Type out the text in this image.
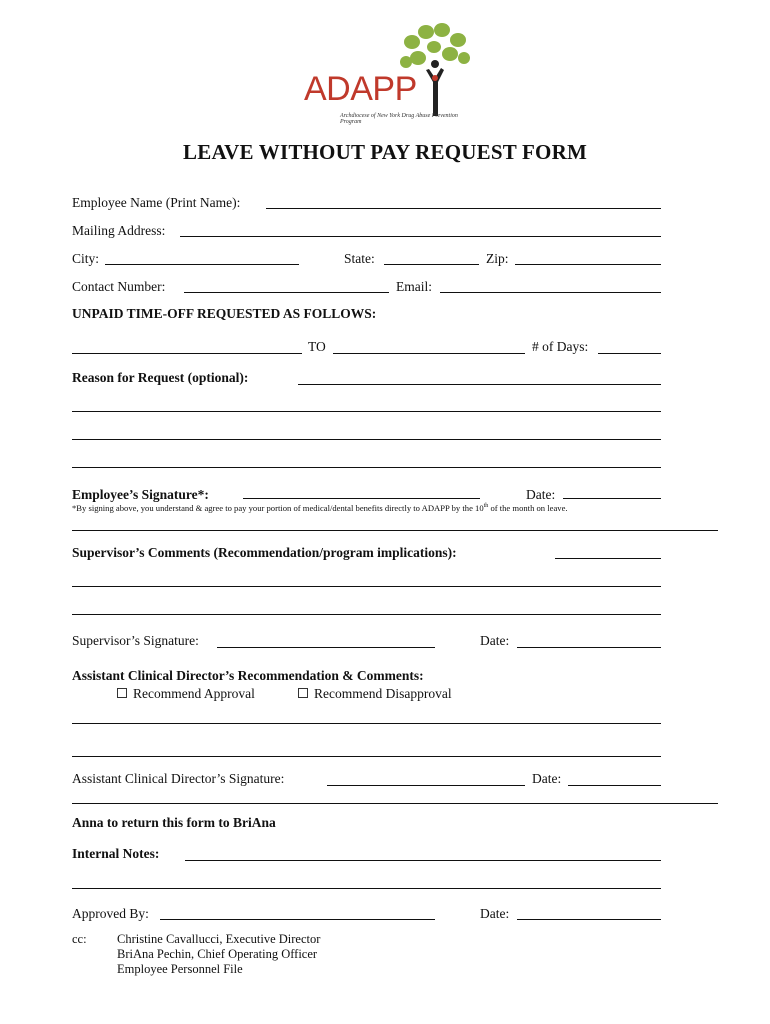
ADAPP
Archdiocese of New York Drug Abuse Prevention Program
LEAVE WITHOUT PAY REQUEST FORM
Employee Name (Print Name):
Mailing Address:
City:	State:	Zip:
Contact Number:	Email:
UNPAID TIME-OFF REQUESTED AS FOLLOWS:
TO	# of Days:
Reason for Request (optional):
Employee’s Signature*:	Date:
*By signing above, you understand & agree to pay your portion of medical/dental benefits directly to ADAPP by the 10th of the month on leave.
Supervisor’s Comments (Recommendation/program implications):
Supervisor’s Signature:	Date:
Assistant Clinical Director’s Recommendation & Comments:
Recommend Approval	Recommend Disapproval
Assistant Clinical Director’s Signature:	Date:
Anna to return this form to BriAna
Internal Notes:
Approved By:	Date:
cc: Christine Cavallucci, Executive Director
BriAna Pechin, Chief Operating Officer
Employee Personnel File
